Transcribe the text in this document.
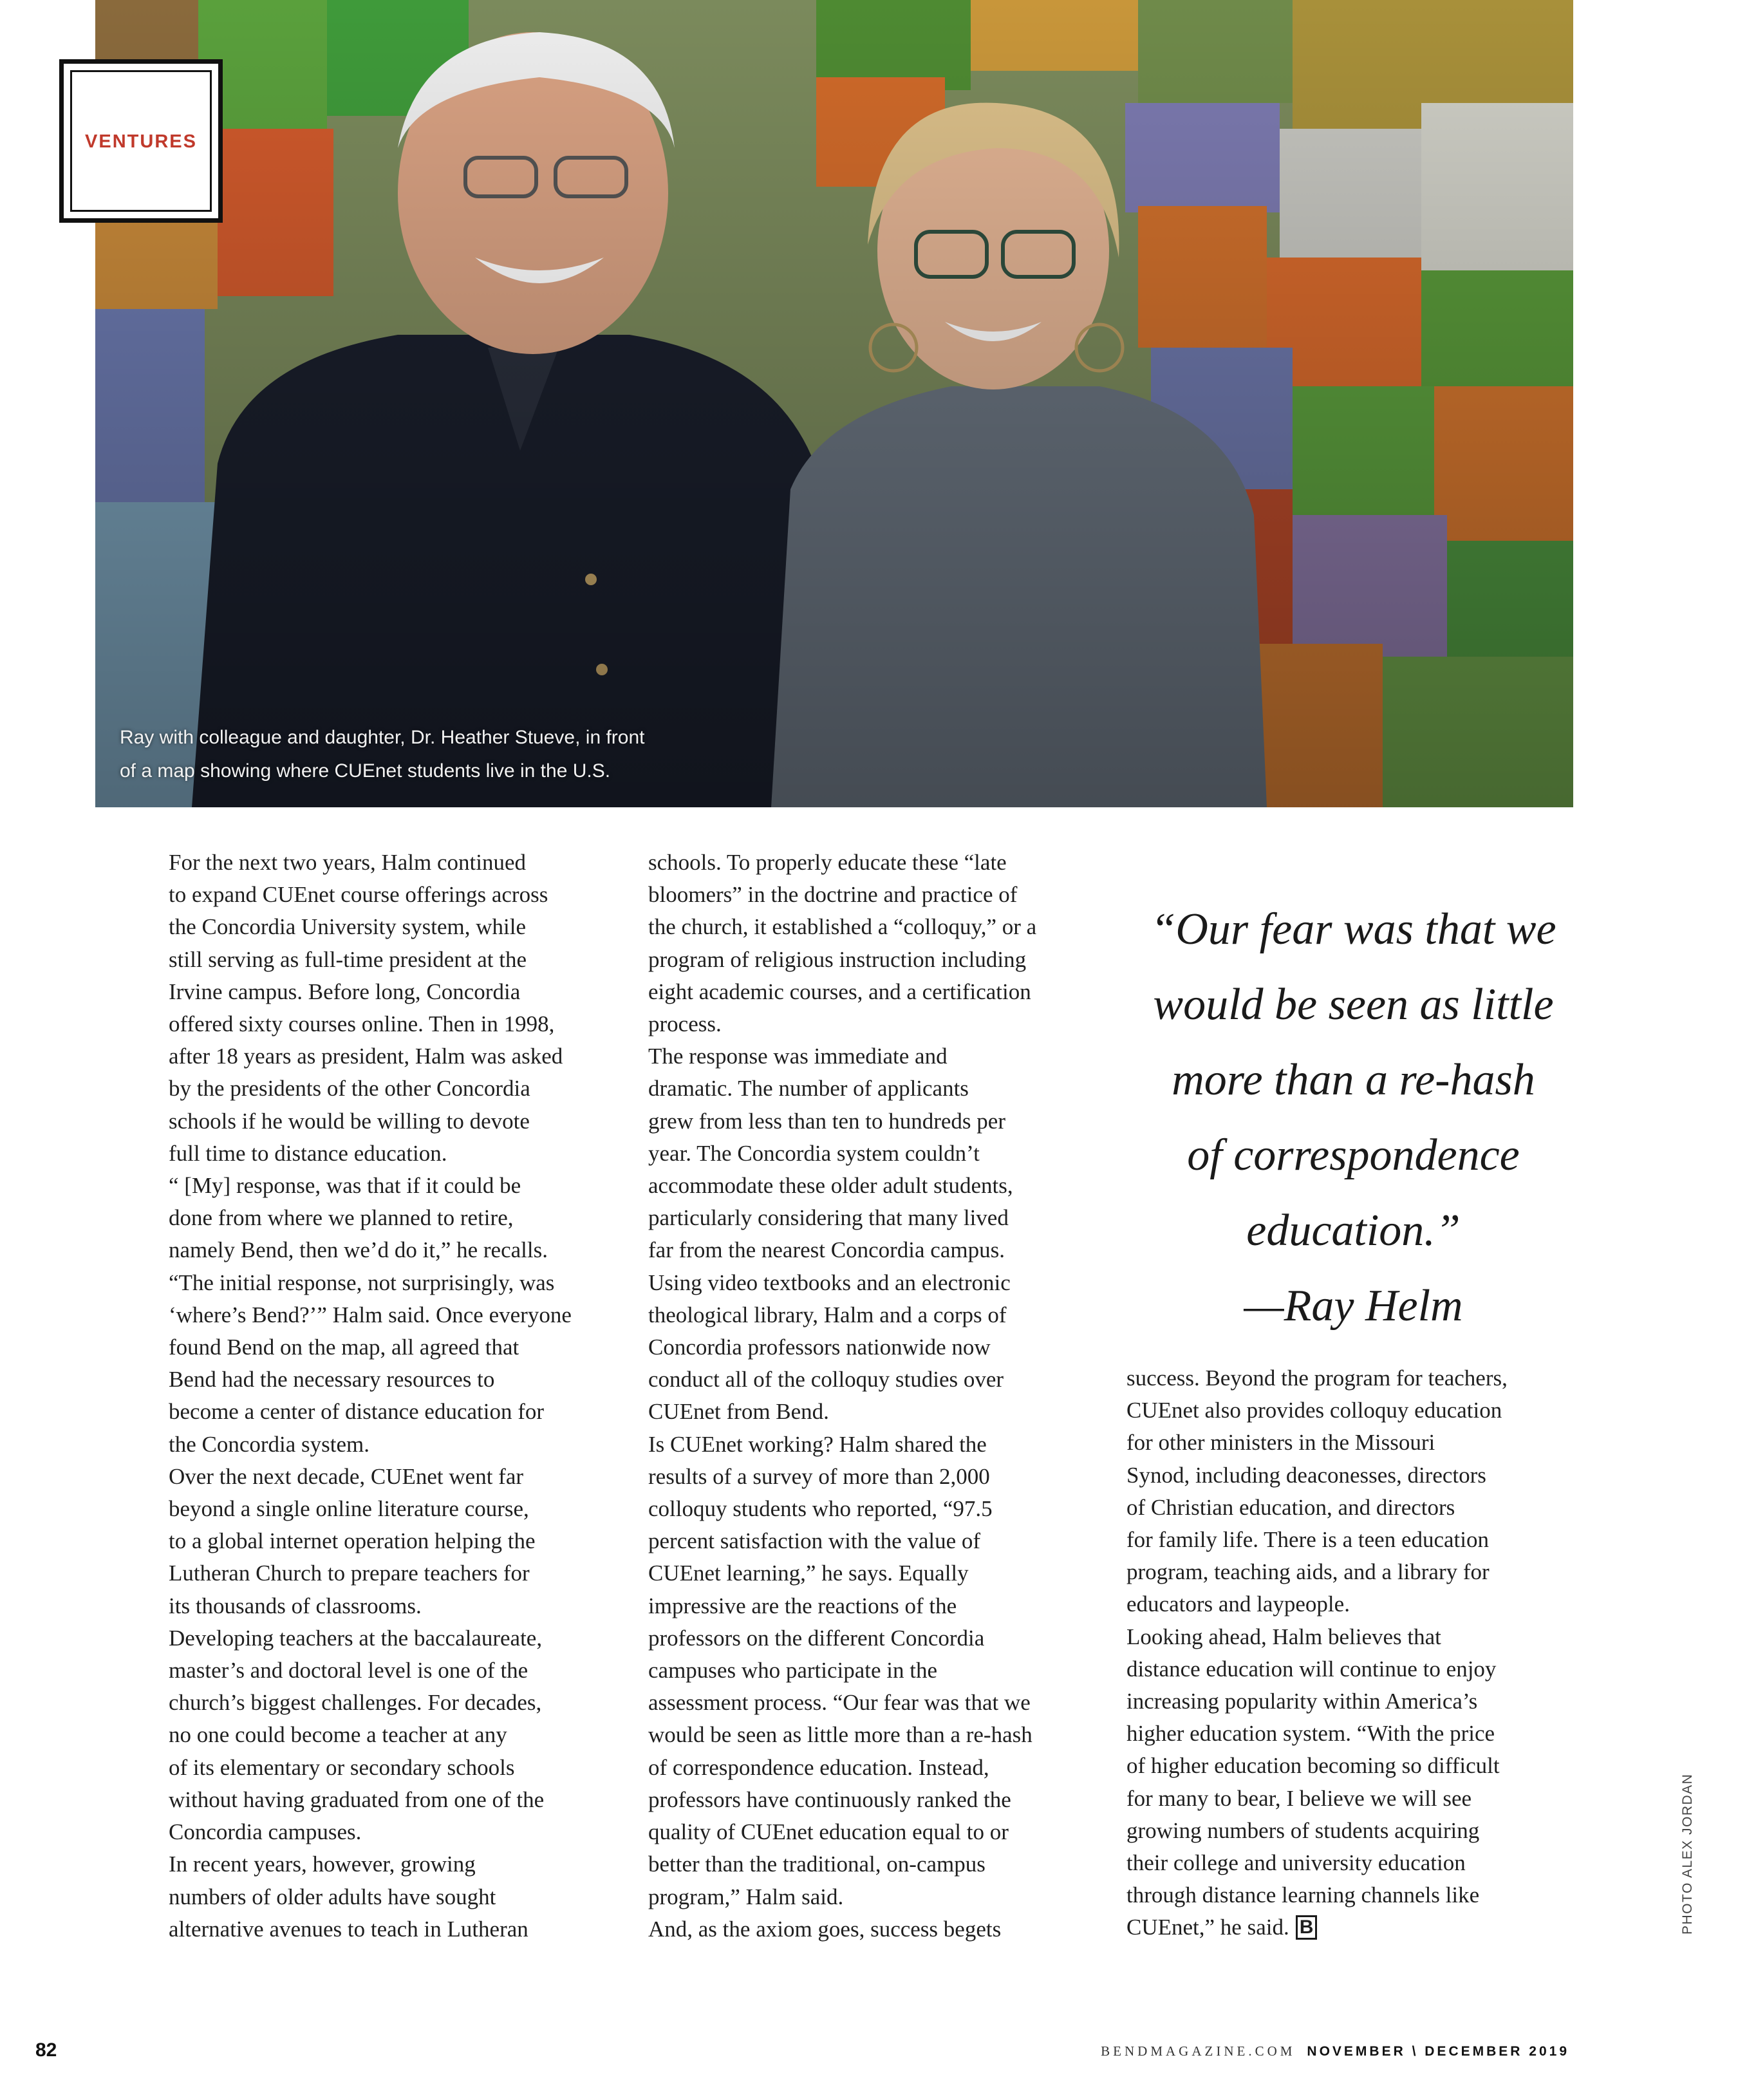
Ray with colleague and daughter, Dr. Heather Stueve, in front
of a map showing where CUEnet students live in the U.S.
VENTURES

For the next two years, Halm continued
to expand CUEnet course offerings across
the Concordia University system, while
still serving as full-time president at the
Irvine campus. Before long, Concordia
offered sixty courses online. Then in 1998,
after 18 years as president, Halm was asked
by the presidents of the other Concordia
schools if he would be willing to devote
full time to distance education.

“ [My] response, was that if it could be
done from where we planned to retire,
namely Bend, then we’d do it,” he recalls.
“The initial response, not surprisingly, was
‘where’s Bend?’” Halm said. Once everyone
found Bend on the map, all agreed that
Bend had the necessary resources to
become a center of distance education for
the Concordia system.

Over the next decade, CUEnet went far
beyond a single online literature course,
to a global internet operation helping the
Lutheran Church to prepare teachers for
its thousands of classrooms.

Developing teachers at the baccalaureate,
master’s and doctoral level is one of the
church’s biggest challenges. For decades,
no one could become a teacher at any
of its elementary or secondary schools
without having graduated from one of the
Concordia campuses.

In recent years, however, growing
numbers of older adults have sought
alternative avenues to teach in Lutheran

schools. To properly educate these “late
bloomers” in the doctrine and practice of
the church, it established a “colloquy,” or a
program of religious instruction including
eight academic courses, and a certification
process.

The response was immediate and
dramatic. The number of applicants
grew from less than ten to hundreds per
year. The Concordia system couldn’t
accommodate these older adult students,
particularly considering that many lived
far from the nearest Concordia campus.

Using video textbooks and an electronic
theological library, Halm and a corps of
Concordia professors nationwide now
conduct all of the colloquy studies over
CUEnet from Bend.

Is CUEnet working? Halm shared the
results of a survey of more than 2,000
colloquy students who reported, “97.5
percent satisfaction with the value of
CUEnet learning,” he says. Equally
impressive are the reactions of the
professors on the different Concordia
campuses who participate in the
assessment process. “Our fear was that we
would be seen as little more than a re-hash
of correspondence education. Instead,
professors have continuously ranked the
quality of CUEnet education equal to or
better than the traditional, on-campus
program,” Halm said.

And, as the axiom goes, success begets

“Our fear was that we
would be seen as little
more than a re-hash
of correspondence
education.”
—Ray Helm

success. Beyond the program for teachers,
CUEnet also provides colloquy education
for other ministers in the Missouri
Synod, including deaconesses, directors
of Christian education, and directors
for family life. There is a teen education
program, teaching aids, and a library for
educators and laypeople.

Looking ahead, Halm believes that
distance education will continue to enjoy
increasing popularity within America’s
higher education system. “With the price
of higher education becoming so difficult
for many to bear, I believe we will see
growing numbers of students acquiring
their college and university education
through distance learning channels like
CUEnet,” he said. B	PHOTO ALEX JORDAN
82	BENDMAGAZINE.COM NOVEMBER \ DECEMBER 2019
